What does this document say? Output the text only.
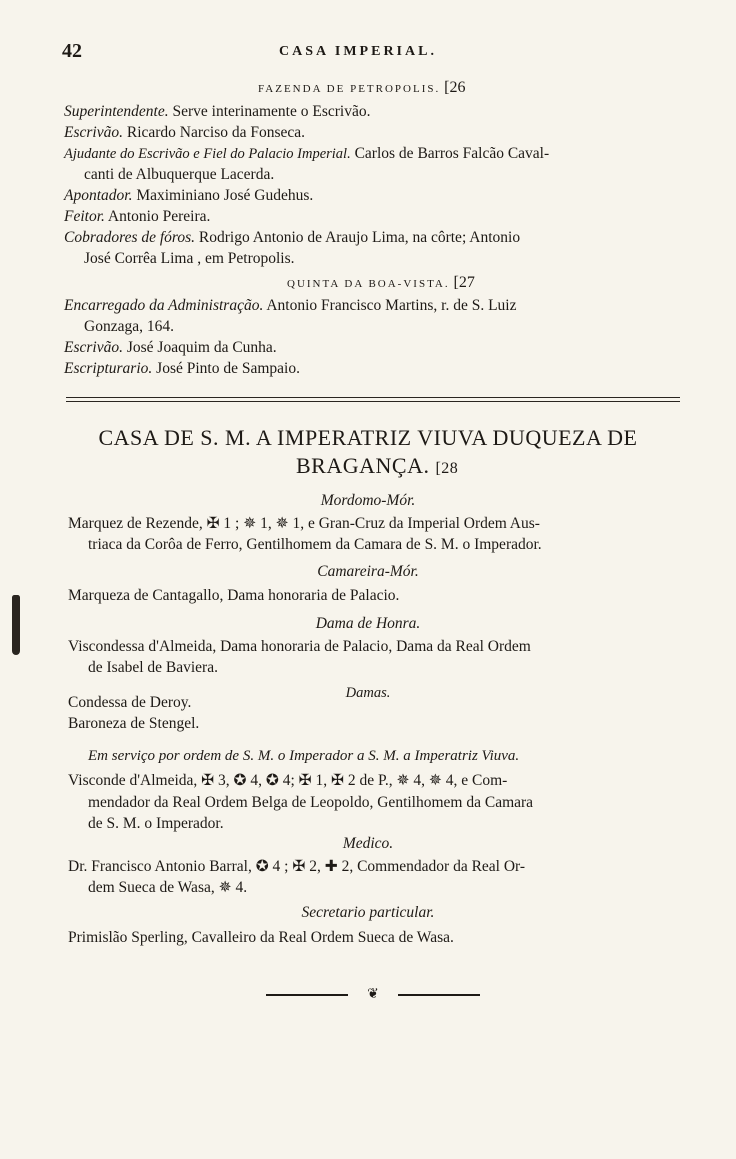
42	CASA IMPERIAL.
FAZENDA DE PETROPOLIS. [26
Superintendente. Serve interinamente o Escrivão.
Escrivão. Ricardo Narciso da Fonseca.
Ajudante do Escrivão e Fiel do Palacio Imperial. Carlos de Barros Falcão Caval-
canti de Albuquerque Lacerda.
Apontador. Maximiniano José Gudehus.
Feitor. Antonio Pereira.
Cobradores de fóros. Rodrigo Antonio de Araujo Lima, na côrte; Antonio
José Corrêa Lima , em Petropolis.
QUINTA DA BOA-VISTA. [27
Encarregado da Administração. Antonio Francisco Martins, r. de S. Luiz
Gonzaga, 164.
Escrivão. José Joaquim da Cunha.
Escripturario. José Pinto de Sampaio.
CASA DE S. M. A IMPERATRIZ VIUVA DUQUEZA DE
BRAGANÇA. [28
Mordomo-Mór.
Marquez de Rezende, ✠ 1 ; ✵ 1, ✵ 1, e Gran-Cruz da Imperial Ordem Aus-
triaca da Corôa de Ferro, Gentilhomem da Camara de S. M. o Imperador.
Camareira-Mór.
Marqueza de Cantagallo, Dama honoraria de Palacio.
Dama de Honra.
Viscondessa d'Almeida, Dama honoraria de Palacio, Dama da Real Ordem
de Isabel de Baviera.
Damas.
Condessa de Deroy.
Baroneza de Stengel.
Em serviço por ordem de S. M. o Imperador a S. M. a Imperatriz Viuva.
Visconde d'Almeida, ✠ 3, ✪ 4, ✪ 4; ✠ 1, ✠ 2 de P., ✵ 4, ✵ 4, e Com-
mendador da Real Ordem Belga de Leopoldo, Gentilhomem da Camara
de S. M. o Imperador.
Medico.
Dr. Francisco Antonio Barral, ✪ 4 ; ✠ 2, ✚ 2, Commendador da Real Or-
dem Sueca de Wasa, ✵ 4.
Secretario particular.
Primislão Sperling, Cavalleiro da Real Ordem Sueca de Wasa.
❦
